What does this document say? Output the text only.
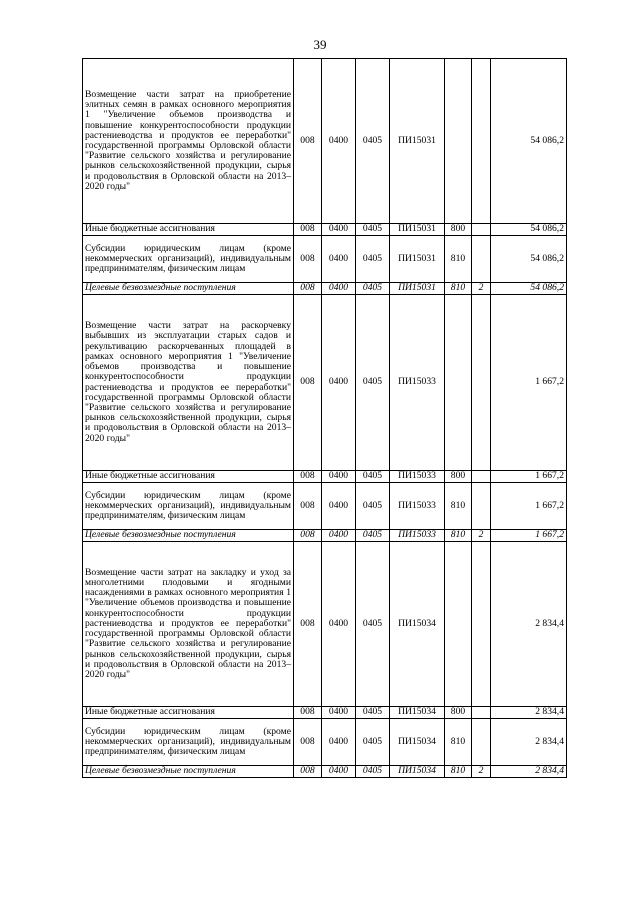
39
Возмещение части затрат на приобретение элитных семян в рамках основного мероприятия 1 "Увеличение объемов производства и повышение конкурентоспособности продукции растениеводства и продуктов ее переработки" государственной программы Орловской области "Развитие сельского хозяйства и регулирование рынков сельскохозяйственной продукции, сырья и продовольствия в Орловской области на 2013–2020 годы"	008	0400	0405	ПИ15031			54 086,2
Иные бюджетные ассигнования	008	0400	0405	ПИ15031	800		54 086,2
Субсидии юридическим лицам (кроме некоммерческих организаций), индивидуальным предпринимателям, физическим лицам	008	0400	0405	ПИ15031	810		54 086,2
Целевые безвозмездные поступления	008	0400	0405	ПИ15031	810	2	54 086,2
Возмещение части затрат на раскорчевку выбывших из эксплуатации старых садов и рекультивацию раскорчеванных площадей в рамках основного мероприятия 1 "Увеличение объемов производства и повышение конкурентоспособности продукции растениеводства и продуктов ее переработки" государственной программы Орловской области "Развитие сельского хозяйства и регулирование рынков сельскохозяйственной продукции, сырья и продовольствия в Орловской области на 2013–2020 годы"	008	0400	0405	ПИ15033			1 667,2
Иные бюджетные ассигнования	008	0400	0405	ПИ15033	800		1 667,2
Субсидии юридическим лицам (кроме некоммерческих организаций), индивидуальным предпринимателям, физическим лицам	008	0400	0405	ПИ15033	810		1 667,2
Целевые безвозмездные поступления	008	0400	0405	ПИ15033	810	2	1 667,2
Возмещение части затрат на закладку и уход за многолетними плодовыми и ягодными насаждениями в рамках основного мероприятия 1 "Увеличение объемов производства и повышение конкурентоспособности продукции растениеводства и продуктов ее переработки" государственной программы Орловской области "Развитие сельского хозяйства и регулирование рынков сельскохозяйственной продукции, сырья и продовольствия в Орловской области на 2013–2020 годы"	008	0400	0405	ПИ15034			2 834,4
Иные бюджетные ассигнования	008	0400	0405	ПИ15034	800		2 834,4
Субсидии юридическим лицам (кроме некоммерческих организаций), индивидуальным предпринимателям, физическим лицам	008	0400	0405	ПИ15034	810		2 834,4
Целевые безвозмездные поступления	008	0400	0405	ПИ15034	810	2	2 834,4
